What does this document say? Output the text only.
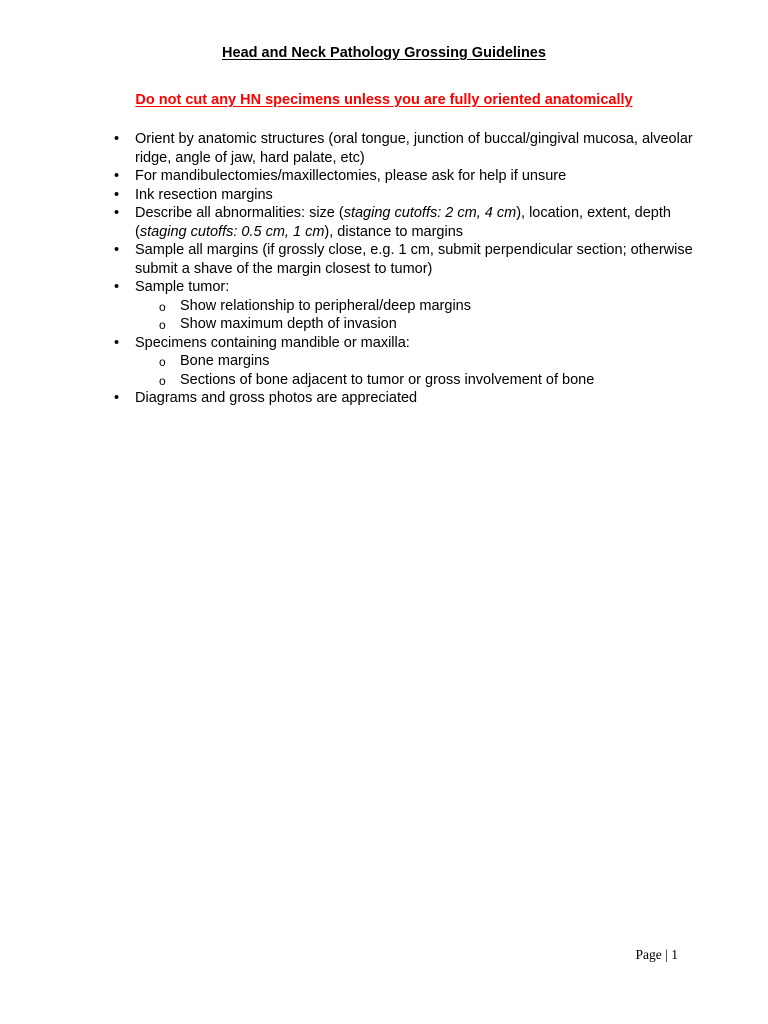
Head and Neck Pathology Grossing Guidelines
Do not cut any HN specimens unless you are fully oriented anatomically
• Orient by anatomic structures (oral tongue, junction of buccal/gingival mucosa, alveolar ridge, angle of jaw, hard palate, etc)
• For mandibulectomies/maxillectomies, please ask for help if unsure
• Ink resection margins
• Describe all abnormalities: size (staging cutoffs: 2 cm, 4 cm), location, extent, depth (staging cutoffs: 0.5 cm, 1 cm), distance to margins
• Sample all margins (if grossly close, e.g. 1 cm, submit perpendicular section; otherwise submit a shave of the margin closest to tumor)
• Sample tumor:
o Show relationship to peripheral/deep margins
o Show maximum depth of invasion
• Specimens containing mandible or maxilla:
o Bone margins
o Sections of bone adjacent to tumor or gross involvement of bone
• Diagrams and gross photos are appreciated
Page | 1
